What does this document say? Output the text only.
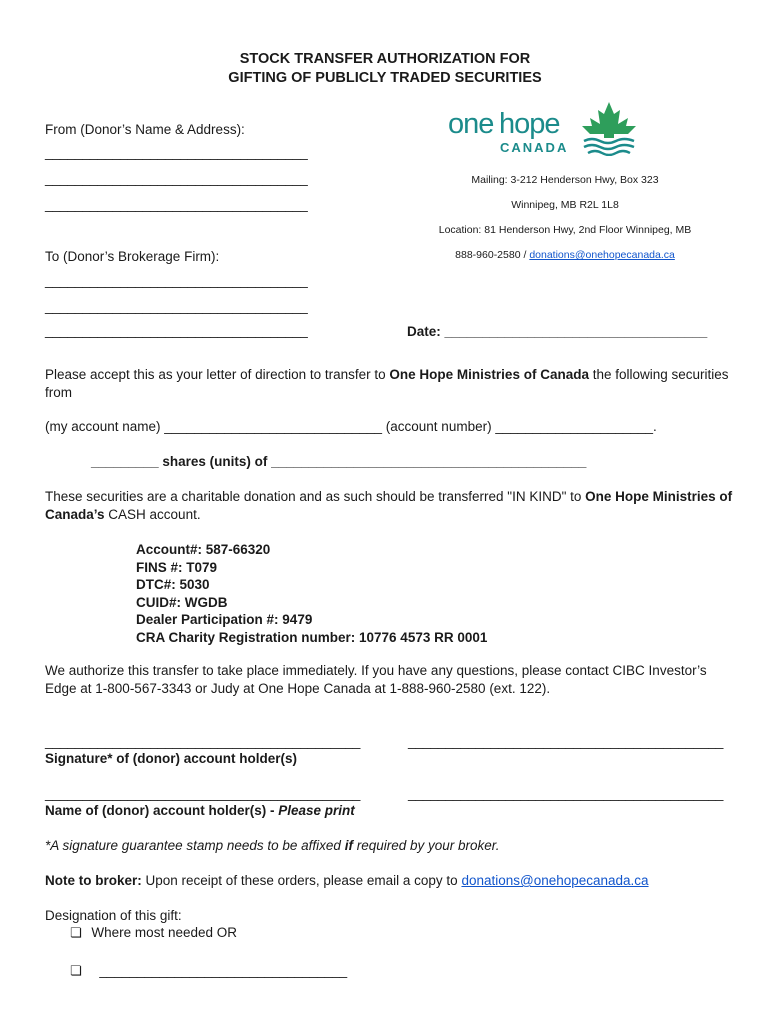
STOCK TRANSFER AUTHORIZATION FOR
GIFTING OF PUBLICLY TRADED SECURITIES
one hope
CANADA
From (Donor’s Name & Address):
___________________________________
___________________________________
___________________________________
Mailing: 3-212 Henderson Hwy, Box 323
Winnipeg, MB R2L 1L8
Location: 81 Henderson Hwy, 2nd Floor Winnipeg, MB
888-960-2580 / donations@onehopecanada.ca
To (Donor’s Brokerage Firm):
___________________________________
___________________________________
___________________________________	Date: ___________________________________
Please accept this as your letter of direction to transfer to One Hope Ministries of Canada the following securities from
(my account name) _____________________________ (account number) _____________________.
_________ shares (units) of __________________________________________
These securities are a charitable donation and as such should be transferred "IN KIND" to One Hope Ministries of Canada’s CASH account.
Account#: 587-66320
FINS #: T079
DTC#: 5030
CUID#: WGDB
Dealer Participation #: 9479
CRA Charity Registration number: 10776 4573 RR 0001
We authorize this transfer to take place immediately. If you have any questions, please contact CIBC Investor’s Edge at 1-800-567-3343 or Judy at One Hope Canada at 1-888-960-2580 (ext. 122).
__________________________________________	__________________________________________
Signature* of (donor) account holder(s)
__________________________________________	__________________________________________
Name of (donor) account holder(s) - Please print
*A signature guarantee stamp needs to be affixed if required by your broker.
Note to broker: Upon receipt of these orders, please email a copy to donations@onehopecanada.ca
Designation of this gift:
❏ Where most needed OR
❏ _________________________________
